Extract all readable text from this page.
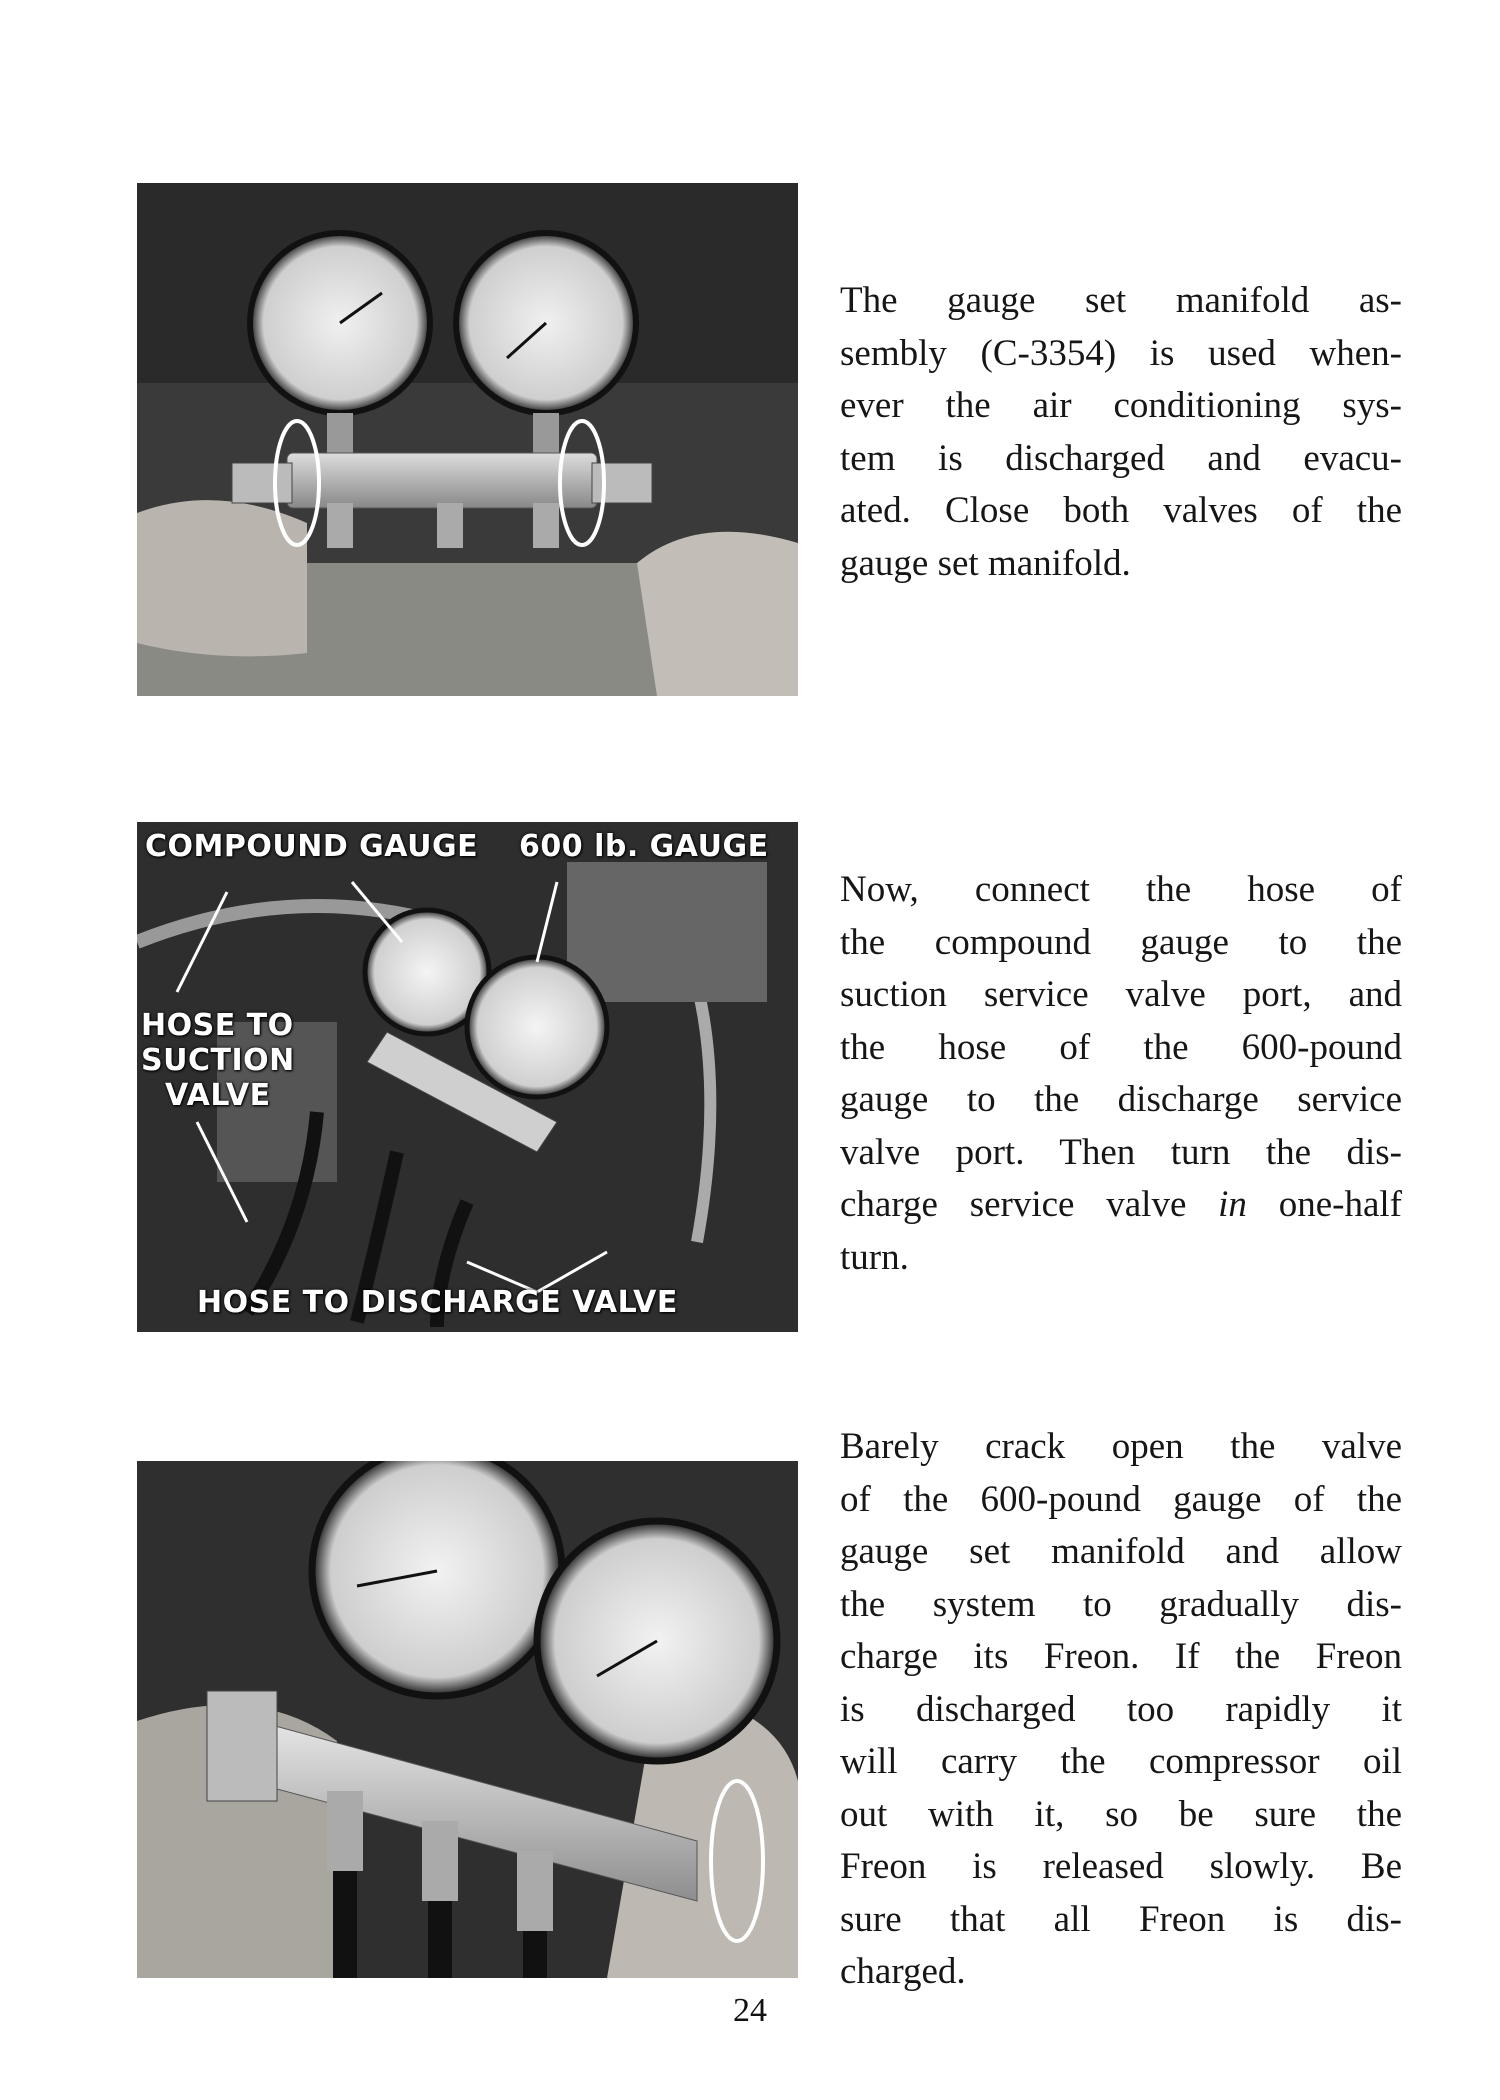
The gauge set manifold as-
sembly (C-3354) is used when-
ever the air conditioning sys-
tem is discharged and evacu-
ated. Close both valves of the
gauge set manifold.

COMPOUND GAUGE 600 lb. GAUGE
HOSE TO
SUCTION
VALVE
HOSE TO DISCHARGE VALVE

Now, connect the hose of
the compound gauge to the
suction service valve port, and
the hose of the 600-pound
gauge to the discharge service
valve port. Then turn the dis-
charge service valve in one-half
turn.

Barely crack open the valve
of the 600-pound gauge of the
gauge set manifold and allow
the system to gradually dis-
charge its Freon. If the Freon
is discharged too rapidly it
will carry the compressor oil
out with it, so be sure the
Freon is released slowly. Be
sure that all Freon is dis-
charged.

24
